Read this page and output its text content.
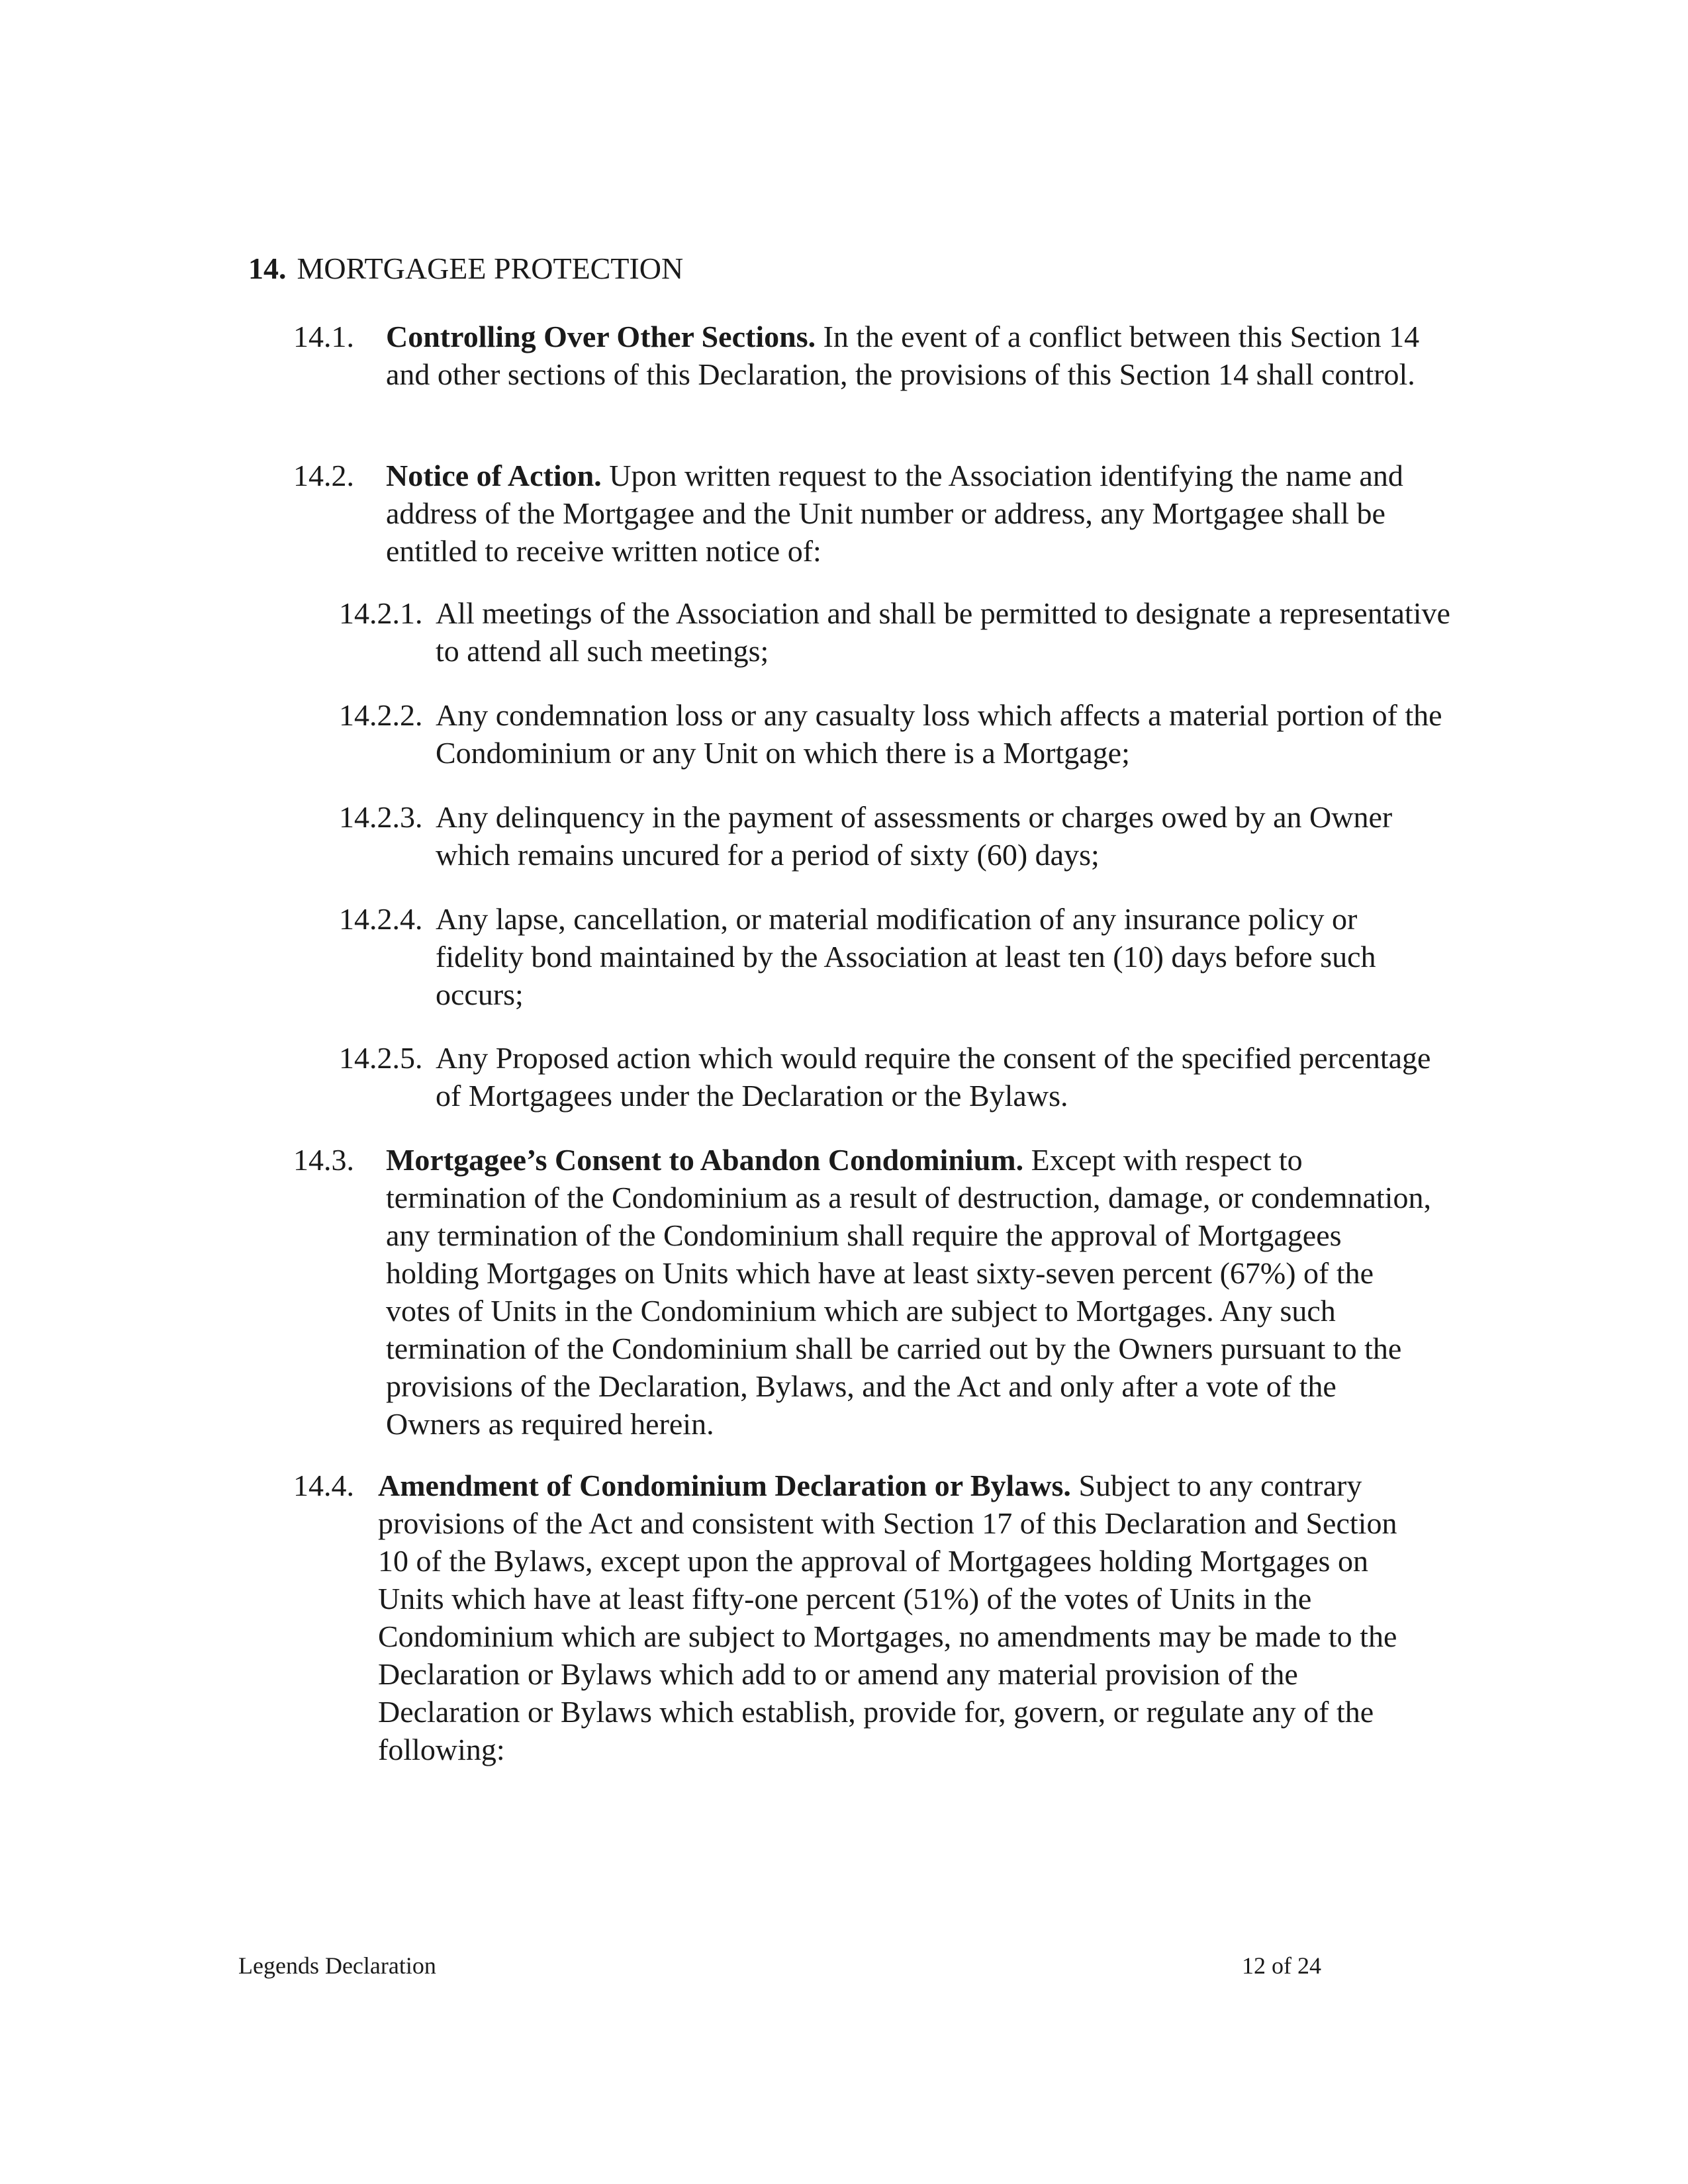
14. MORTGAGEE PROTECTION
14.1. Controlling Over Other Sections. In the event of a conflict between this Section 14 and other sections of this Declaration, the provisions of this Section 14 shall control.
14.2. Notice of Action. Upon written request to the Association identifying the name and address of the Mortgagee and the Unit number or address, any Mortgagee shall be entitled to receive written notice of:
14.2.1. All meetings of the Association and shall be permitted to designate a representative to attend all such meetings;
14.2.2. Any condemnation loss or any casualty loss which affects a material portion of the Condominium or any Unit on which there is a Mortgage;
14.2.3. Any delinquency in the payment of assessments or charges owed by an Owner which remains uncured for a period of sixty (60) days;
14.2.4. Any lapse, cancellation, or material modification of any insurance policy or fidelity bond maintained by the Association at least ten (10) days before such occurs;
14.2.5. Any Proposed action which would require the consent of the specified percentage of Mortgagees under the Declaration or the Bylaws.
14.3. Mortgagee’s Consent to Abandon Condominium. Except with respect to termination of the Condominium as a result of destruction, damage, or condemnation, any termination of the Condominium shall require the approval of Mortgagees holding Mortgages on Units which have at least sixty-seven percent (67%) of the votes of Units in the Condominium which are subject to Mortgages. Any such termination of the Condominium shall be carried out by the Owners pursuant to the provisions of the Declaration, Bylaws, and the Act and only after a vote of the Owners as required herein.
14.4. Amendment of Condominium Declaration or Bylaws. Subject to any contrary provisions of the Act and consistent with Section 17 of this Declaration and Section 10 of the Bylaws, except upon the approval of Mortgagees holding Mortgages on Units which have at least fifty-one percent (51%) of the votes of Units in the Condominium which are subject to Mortgages, no amendments may be made to the Declaration or Bylaws which add to or amend any material provision of the Declaration or Bylaws which establish, provide for, govern, or regulate any of the following:
Legends Declaration	12 of 24
